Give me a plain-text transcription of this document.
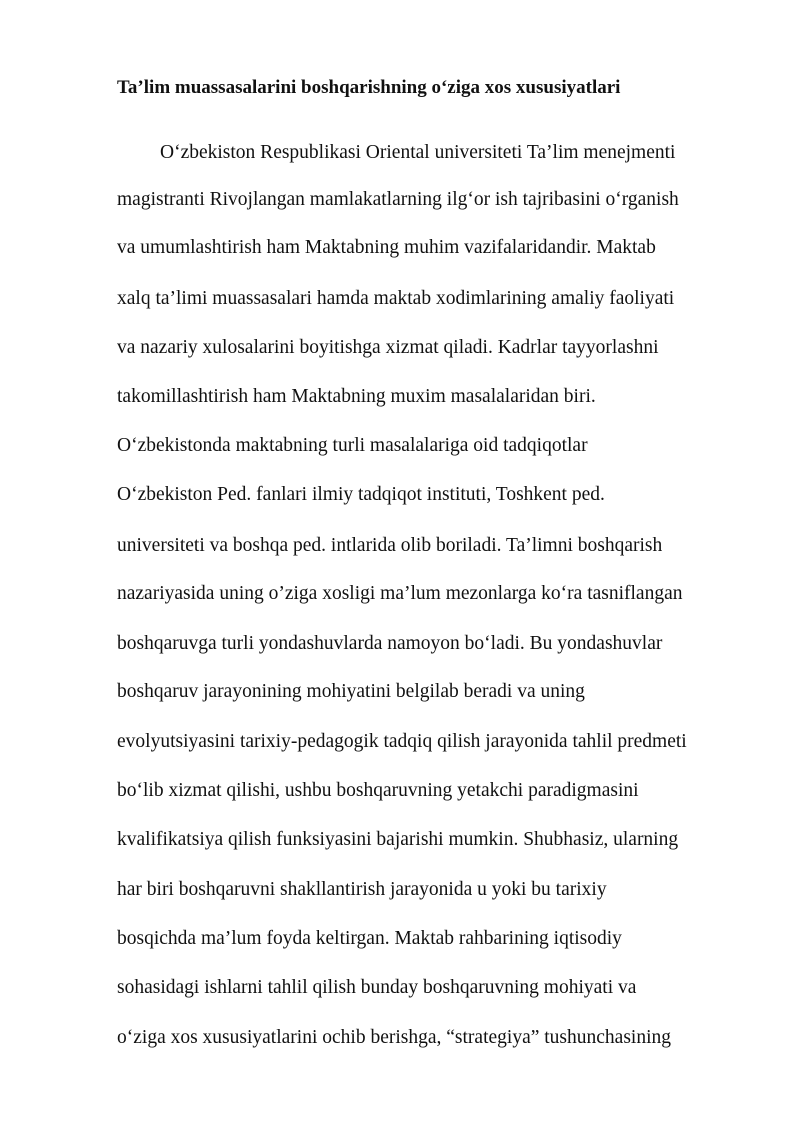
Ta’lim muassasalarini boshqarishning o‘ziga xos xususiyatlari

O‘zbekiston Respublikasi Oriental universiteti Ta’lim menejmenti

magistranti Rivojlangan mamlakatlarning ilg‘or ish tajribasini o‘rganish

va umumlashtirish ham Maktabning muhim vazifalaridandir. Maktab

xalq ta’limi muassasalari hamda maktab xodimlarining amaliy faoliyati

va nazariy xulosalarini boyitishga xizmat qiladi. Kadrlar tayyorlashni

takomillashtirish ham Maktabning muxim masalalaridan biri.

O‘zbekistonda maktabning turli masalalariga oid tadqiqotlar

O‘zbekiston Ped. fanlari ilmiy tadqiqot instituti, Toshkent ped.

universiteti va boshqa ped. intlarida olib boriladi. Ta’limni boshqarish

nazariyasida uning o’ziga xosligi ma’lum mezonlarga ko‘ra tasniflangan

boshqaruvga turli yondashuvlarda namoyon bo‘ladi. Bu yondashuvlar

boshqaruv jarayonining mohiyatini belgilab beradi va uning

evolyutsiyasini tarixiy-pedagogik tadqiq qilish jarayonida tahlil predmeti

bo‘lib xizmat qilishi, ushbu boshqaruvning yetakchi paradigmasini

kvalifikatsiya qilish funksiyasini bajarishi mumkin. Shubhasiz, ularning

har biri boshqaruvni shakllantirish jarayonida u yoki bu tarixiy

bosqichda ma’lum foyda keltirgan. Maktab rahbarining iqtisodiy

sohasidagi ishlarni tahlil qilish bunday boshqaruvning mohiyati va

o‘ziga xos xususiyatlarini ochib berishga, “strategiya” tushunchasining
